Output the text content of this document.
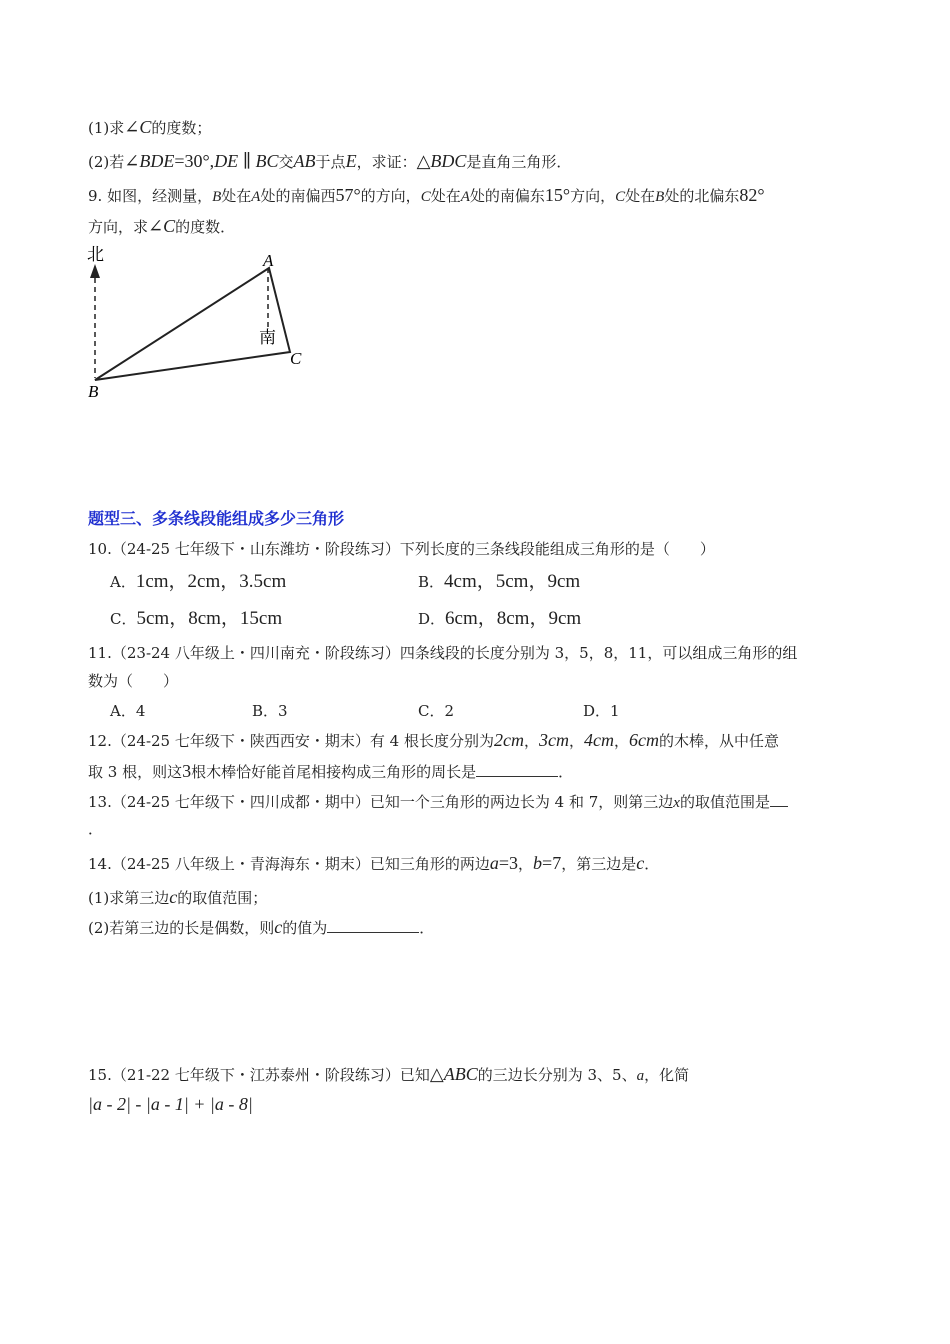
(1)求∠C的度数；
(2)若∠BDE=30°,DE ∥ BC交AB于点E，求证：△BDC是直角三角形．
9. 如图，经测量，B处在A处的南偏西57°的方向，C处在A处的南偏东15°方向，C处在B处的北偏东82°
方向，求∠C的度数．
北
南
A
C
B
题型三、多条线段能组成多少三角形
10.（24-25 七年级下・山东潍坊・阶段练习）下列长度的三条线段能组成三角形的是（　　）
A．1cm，2cm，3.5cm	B．4cm，5cm，9cm
C．5cm，8cm，15cm	D．6cm，8cm，9cm
11.（23-24 八年级上・四川南充・阶段练习）四条线段的长度分别为 3，5，8，11，可以组成三角形的组
数为（　　）
A．4	B．3	C．2	D．1
12.（24-25 七年级下・陕西西安・期末）有 4 根长度分别为2cm，3cm，4cm，6cm的木棒，从中任意
取 3 根，则这3根木棒恰好能首尾相接构成三角形的周长是	．
13.（24-25 七年级下・四川成都・期中）已知一个三角形的两边长为 4 和 7，则第三边x的取值范围是
．
14.（24-25 八年级上・青海海东・期末）已知三角形的两边a=3，b=7，第三边是c．
(1)求第三边c的取值范围；
(2)若第三边的长是偶数，则c的值为	．
15.（21-22 七年级下・江苏泰州・阶段练习）已知△ABC的三边长分别为 3、5、a，化简
|a - 2| - |a - 1| + |a - 8|
